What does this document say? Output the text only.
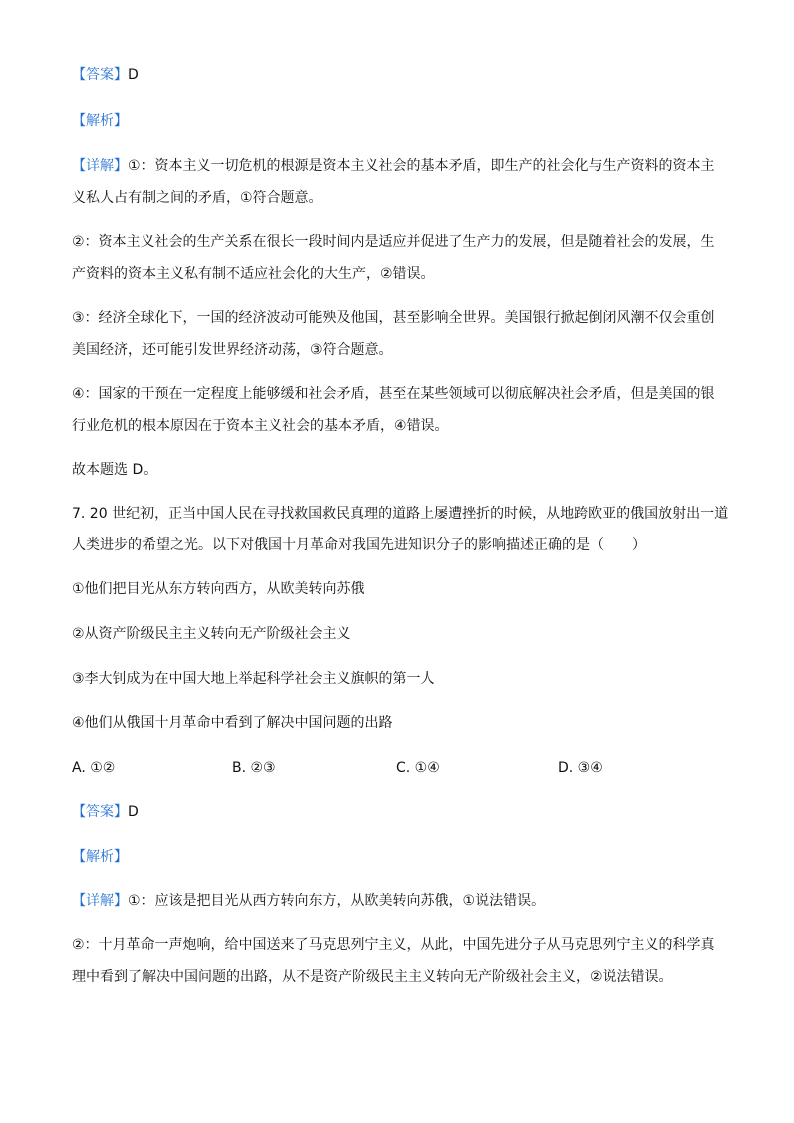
【答案】D
【解析】
【详解】①：资本主义一切危机的根源是资本主义社会的基本矛盾，即生产的社会化与生产资料的资本主
义私人占有制之间的矛盾，①符合题意。
②：资本主义社会的生产关系在很长一段时间内是适应并促进了生产力的发展，但是随着社会的发展，生
产资料的资本主义私有制不适应社会化的大生产，②错误。
③：经济全球化下，一国的经济波动可能殃及他国，甚至影响全世界。美国银行掀起倒闭风潮不仅会重创
美国经济，还可能引发世界经济动荡，③符合题意。
④：国家的干预在一定程度上能够缓和社会矛盾，甚至在某些领域可以彻底解决社会矛盾，但是美国的银
行业危机的根本原因在于资本主义社会的基本矛盾，④错误。
故本题选 D。
7. 20 世纪初，正当中国人民在寻找救国救民真理的道路上屡遭挫折的时候，从地跨欧亚的俄国放射出一道
人类进步的希望之光。以下对俄国十月革命对我国先进知识分子的影响描述正确的是（　　）
①他们把目光从东方转向西方，从欧美转向苏俄
②从资产阶级民主主义转向无产阶级社会主义
③李大钊成为在中国大地上举起科学社会主义旗帜的第一人
④他们从俄国十月革命中看到了解决中国问题的出路
A. ①②	B. ②③	C. ①④	D. ③④
【答案】D
【解析】
【详解】①：应该是把目光从西方转向东方，从欧美转向苏俄，①说法错误。
②：十月革命一声炮响，给中国送来了马克思列宁主义，从此，中国先进分子从马克思列宁主义的科学真
理中看到了解决中国问题的出路，从不是资产阶级民主主义转向无产阶级社会主义，②说法错误。
